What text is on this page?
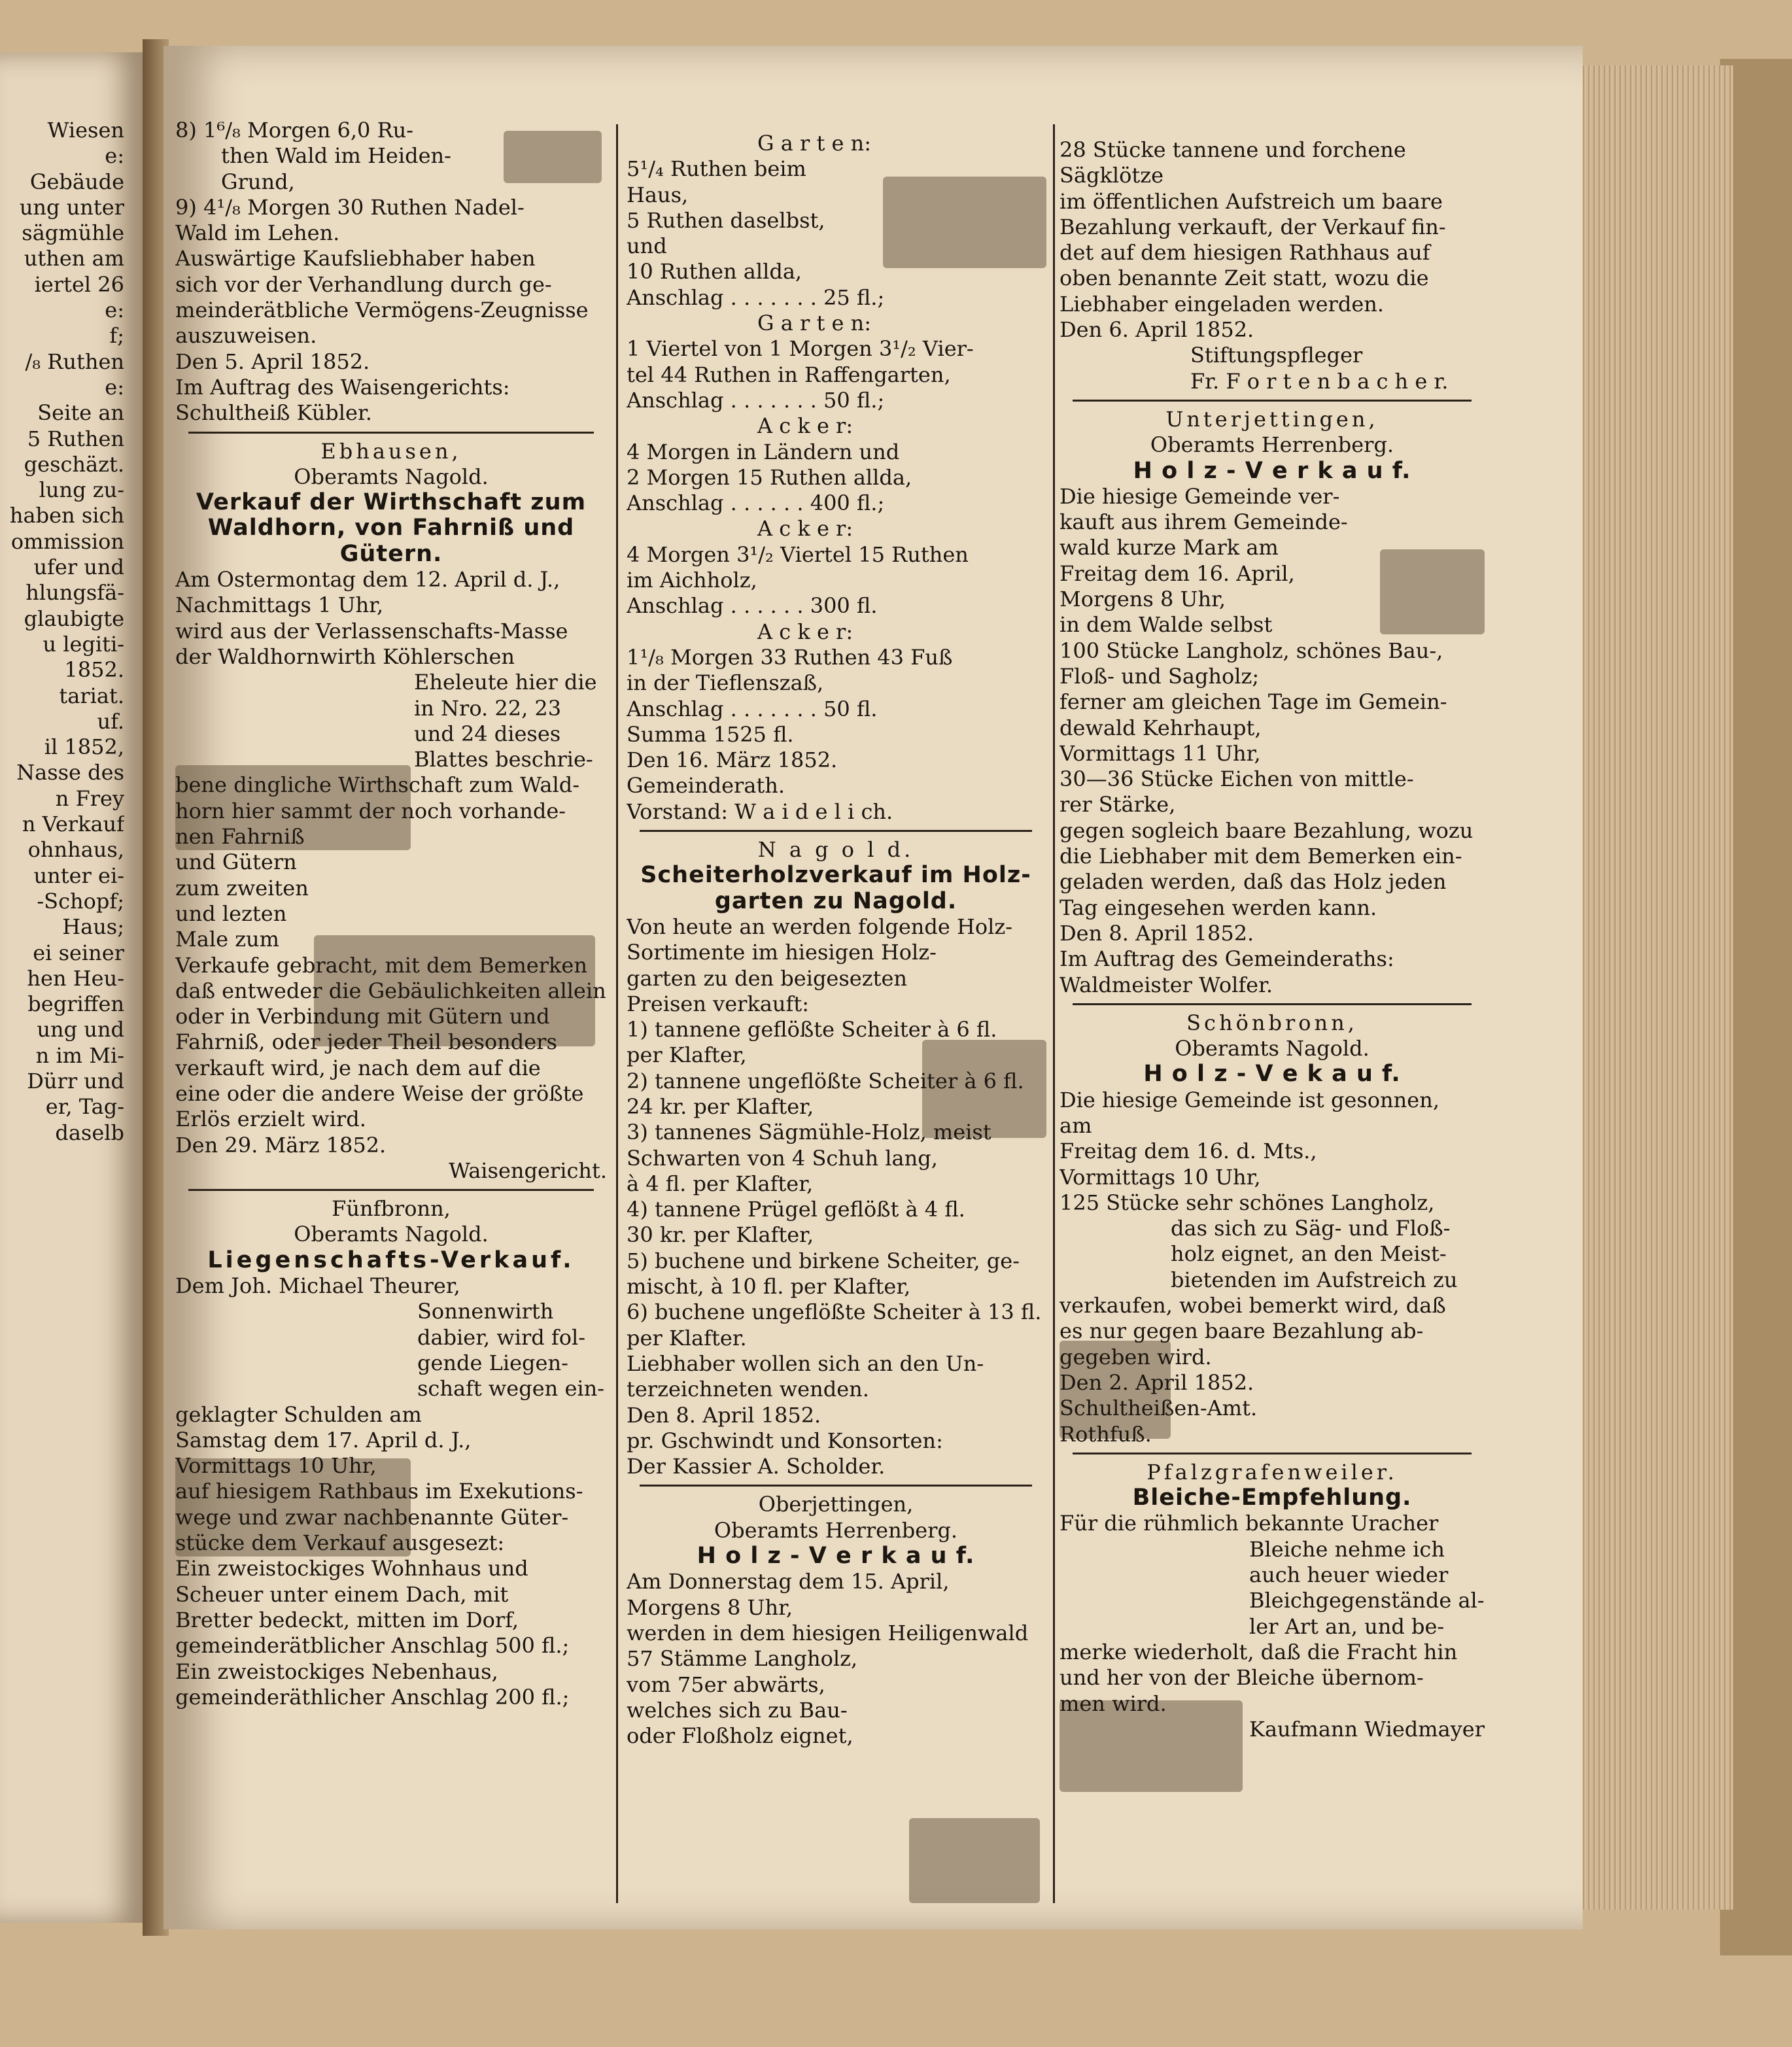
Wiesen
e:
Gebäude
ung unter
sägmühle
uthen am
iertel 26
e:
f;
/₈ Ruthen
e:
Seite an
5 Ruthen
geschäzt.
lung zu-
haben sich
ommission
ufer und
hlungsfä-
glaubigte
u legiti-
1852.
tariat.
uf.
il 1852,
Nasse des
n Frey
n Verkauf
ohnhaus,
unter ei-
-Schopf;
Haus;
ei seiner
hen Heu-
begriffen
ung und
n im Mi-
Dürr und
er, Tag-
daselb
8) 1⁶/₈ Morgen 6,0 Ru-
then Wald im Heiden-
Grund,
9) 4¹/₈ Morgen 30 Ruthen Nadel-
Wald im Lehen.
Auswärtige Kaufsliebhaber haben
sich vor der Verhandlung durch ge-
meinderätbliche Vermögens-Zeugnisse
auszuweisen.
Den 5. April 1852.
Im Auftrag des Waisengerichts:
Schultheiß Kübler.
Ebhausen,
Oberamts Nagold.
Verkauf der Wirthschaft zum
Waldhorn, von Fahrniß und
Gütern.
Am Ostermontag dem 12. April d. J.,
Nachmittags 1 Uhr,
wird aus der Verlassenschafts-Masse
der Waldhornwirth Köhlerschen
Eheleute hier die
in Nro. 22, 23
und 24 dieses
Blattes beschrie-
bene dingliche Wirthschaft zum Wald-
horn hier sammt der noch vorhande-
nen Fahrniß
und Gütern
zum zweiten
und lezten
Male zum
Verkaufe gebracht, mit dem Bemerken
daß entweder die Gebäulichkeiten allein
oder in Verbindung mit Gütern und
Fahrniß, oder jeder Theil besonders
verkauft wird, je nach dem auf die
eine oder die andere Weise der größte
Erlös erzielt wird.
Den 29. März 1852.
Waisengericht.
Fünfbronn,
Oberamts Nagold.
Liegenschafts-Verkauf.
Dem Joh. Michael Theurer,
Sonnenwirth
dabier, wird fol-
gende Liegen-
schaft wegen ein-
geklagter Schulden am
Samstag dem 17. April d. J.,
Vormittags 10 Uhr,
auf hiesigem Rathbaus im Exekutions-
wege und zwar nachbenannte Güter-
stücke dem Verkauf ausgesezt:
Ein zweistockiges Wohnhaus und
Scheuer unter einem Dach, mit
Bretter bedeckt, mitten im Dorf,
gemeinderätblicher Anschlag 500 fl.;
Ein zweistockiges Nebenhaus,
gemeinderäthlicher Anschlag 200 fl.;
G a r t e n:
5¹/₄ Ruthen beim
Haus,
5 Ruthen daselbst,
und
10 Ruthen allda,
Anschlag . . . . . . . 25 fl.;
G a r t e n:
1 Viertel von 1 Morgen 3¹/₂ Vier-
tel 44 Ruthen in Raffengarten,
Anschlag . . . . . . . 50 fl.;
A c k e r:
4 Morgen in Ländern und
2 Morgen 15 Ruthen allda,
Anschlag . . . . . . 400 fl.;
A c k e r:
4 Morgen 3¹/₂ Viertel 15 Ruthen
im Aichholz,
Anschlag . . . . . . 300 fl.
A c k e r:
1¹/₈ Morgen 33 Ruthen 43 Fuß
in der Tieflenszaß,
Anschlag . . . . . . . 50 fl.
Summa 1525 fl.
Den 16. März 1852.
Gemeinderath.
Vorstand: W a i d e l i ch.
N a g o l d.
Scheiterholzverkauf im Holz-
garten zu Nagold.
Von heute an werden folgende Holz-
Sortimente im hiesigen Holz-
garten zu den beigesezten
Preisen verkauft:
1) tannene geflößte Scheiter à 6 fl.
per Klafter,
2) tannene ungeflößte Scheiter à 6 fl.
24 kr. per Klafter,
3) tannenes Sägmühle-Holz, meist
Schwarten von 4 Schuh lang,
à 4 fl. per Klafter,
4) tannene Prügel geflößt à 4 fl.
30 kr. per Klafter,
5) buchene und birkene Scheiter, ge-
mischt, à 10 fl. per Klafter,
6) buchene ungeflößte Scheiter à 13 fl.
per Klafter.
Liebhaber wollen sich an den Un-
terzeichneten wenden.
Den 8. April 1852.
pr. Gschwindt und Konsorten:
Der Kassier A. Scholder.
Oberjettingen,
Oberamts Herrenberg.
H o l z - V e r k a u f.
Am Donnerstag dem 15. April,
Morgens 8 Uhr,
werden in dem hiesigen Heiligenwald
57 Stämme Langholz,
vom 75er abwärts,
welches sich zu Bau-
oder Floßholz eignet,
28 Stücke tannene und forchene
Sägklötze
im öffentlichen Aufstreich um baare
Bezahlung verkauft, der Verkauf fin-
det auf dem hiesigen Rathhaus auf
oben benannte Zeit statt, wozu die
Liebhaber eingeladen werden.
Den 6. April 1852.
Stiftungspfleger
Fr. F o r t e n b a c h e r.
Unterjettingen,
Oberamts Herrenberg.
H o l z - V e r k a u f.
Die hiesige Gemeinde ver-
kauft aus ihrem Gemeinde-
wald kurze Mark am
Freitag dem 16. April,
Morgens 8 Uhr,
in dem Walde selbst
100 Stücke Langholz, schönes Bau-,
Floß- und Sagholz;
ferner am gleichen Tage im Gemein-
dewald Kehrhaupt,
Vormittags 11 Uhr,
30—36 Stücke Eichen von mittle-
rer Stärke,
gegen sogleich baare Bezahlung, wozu
die Liebhaber mit dem Bemerken ein-
geladen werden, daß das Holz jeden
Tag eingesehen werden kann.
Den 8. April 1852.
Im Auftrag des Gemeinderaths:
Waldmeister Wolfer.
Schönbronn,
Oberamts Nagold.
H o l z - V e k a u f.
Die hiesige Gemeinde ist gesonnen,
am
Freitag dem 16. d. Mts.,
Vormittags 10 Uhr,
125 Stücke sehr schönes Langholz,
das sich zu Säg- und Floß-
holz eignet, an den Meist-
bietenden im Aufstreich zu
verkaufen, wobei bemerkt wird, daß
es nur gegen baare Bezahlung ab-
gegeben wird.
Den 2. April 1852.
Schultheißen-Amt.
Rothfuß.
Pfalzgrafenweiler.
Bleiche-Empfehlung.
Für die rühmlich bekannte Uracher
Bleiche nehme ich
auch heuer wieder
Bleichgegenstände al-
ler Art an, und be-
merke wiederholt, daß die Fracht hin
und her von der Bleiche übernom-
men wird.
Kaufmann Wiedmayer
